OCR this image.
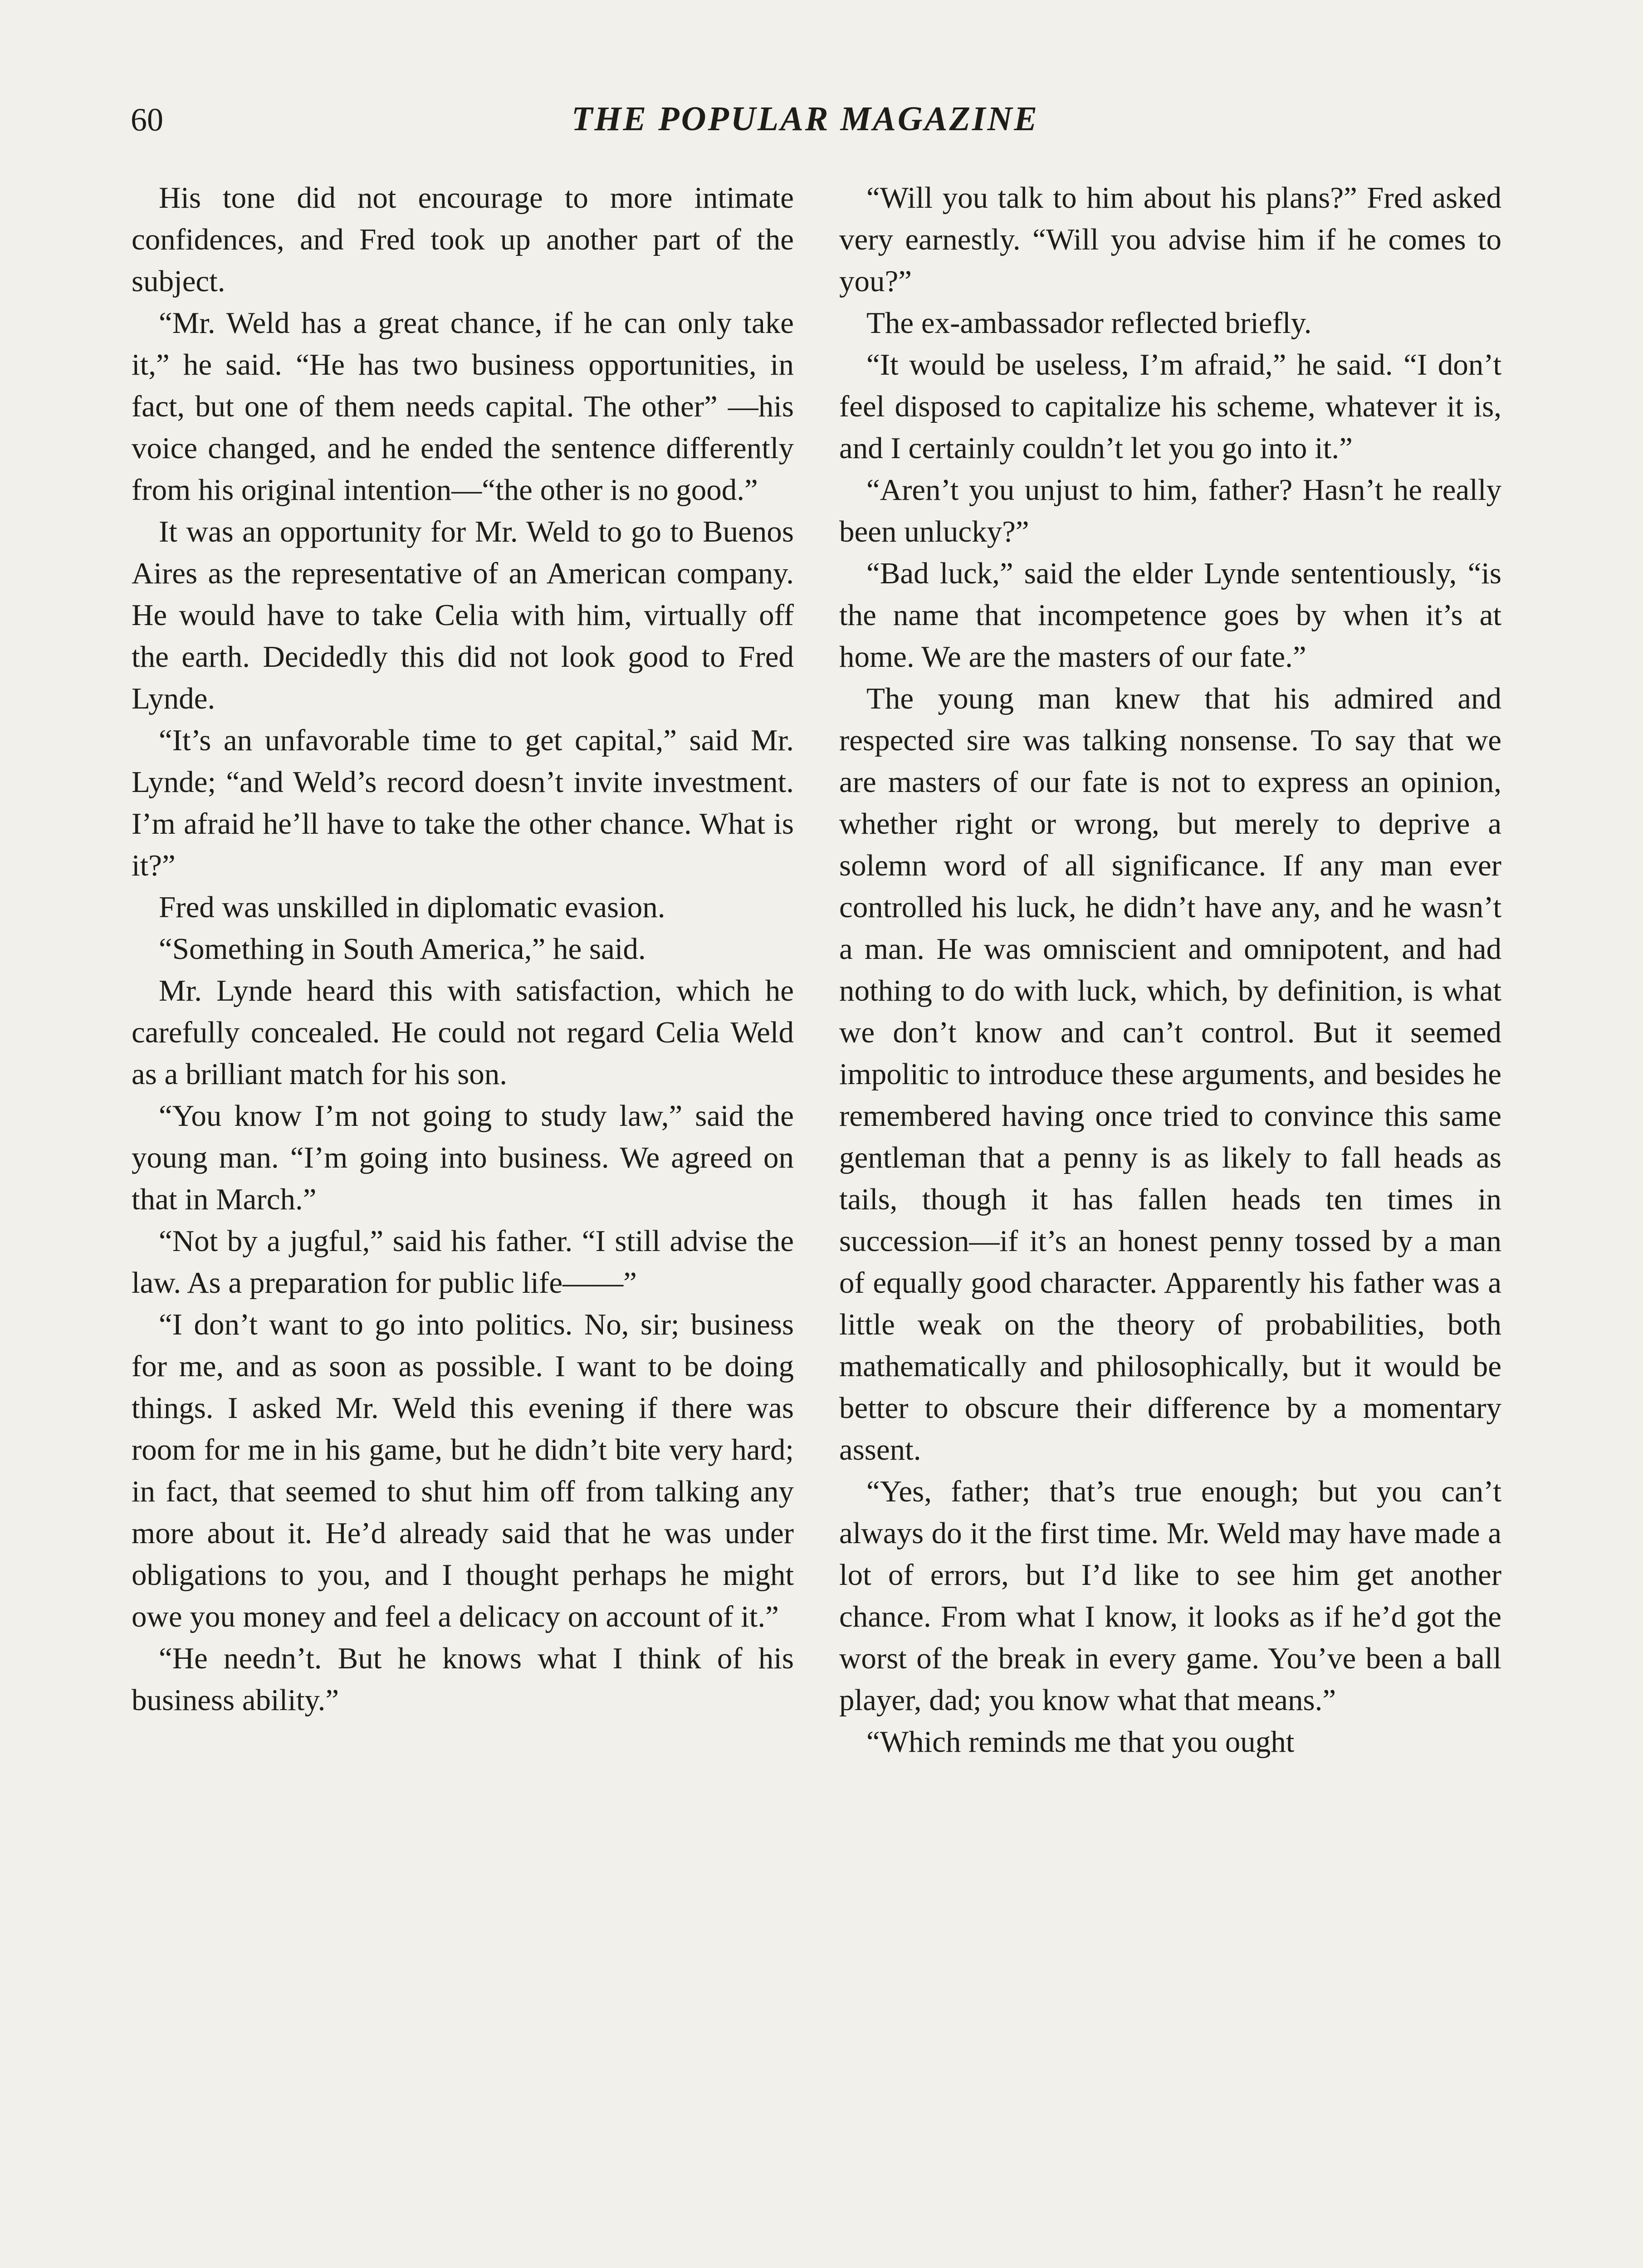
60	THE POPULAR MAGAZINE

His tone did not encourage to more intimate confidences, and Fred took up another part of the subject.

“Mr. Weld has a great chance, if he can only take it,” he said. “He has two business opportunities, in fact, but one of them needs capital. The other” —his voice changed, and he ended the sentence differently from his original intention—“the other is no good.”

It was an opportunity for Mr. Weld to go to Buenos Aires as the representative of an American company. He would have to take Celia with him, virtually off the earth. Decidedly this did not look good to Fred Lynde.

“It’s an unfavorable time to get capital,” said Mr. Lynde; “and Weld’s record doesn’t invite investment. I’m afraid he’ll have to take the other chance. What is it?”

Fred was unskilled in diplomatic evasion.

“Something in South America,” he said.

Mr. Lynde heard this with satisfaction, which he carefully concealed. He could not regard Celia Weld as a brilliant match for his son.

“You know I’m not going to study law,” said the young man. “I’m going into business. We agreed on that in March.”

“Not by a jugful,” said his father. “I still advise the law. As a preparation for public life——”

“I don’t want to go into politics. No, sir; business for me, and as soon as possible. I want to be doing things. I asked Mr. Weld this evening if there was room for me in his game, but he didn’t bite very hard; in fact, that seemed to shut him off from talking any more about it. He’d already said that he was under obligations to you, and I thought perhaps he might owe you money and feel a delicacy on account of it.”

“He needn’t. But he knows what I think of his business ability.”

“Will you talk to him about his plans?” Fred asked very earnestly. “Will you advise him if he comes to you?”

The ex-ambassador reflected briefly.

“It would be useless, I’m afraid,” he said. “I don’t feel disposed to capitalize his scheme, whatever it is, and I certainly couldn’t let you go into it.”

“Aren’t you unjust to him, father? Hasn’t he really been unlucky?”

“Bad luck,” said the elder Lynde sententiously, “is the name that incompetence goes by when it’s at home. We are the masters of our fate.”

The young man knew that his admired and respected sire was talking nonsense. To say that we are masters of our fate is not to express an opinion, whether right or wrong, but merely to deprive a solemn word of all significance. If any man ever controlled his luck, he didn’t have any, and he wasn’t a man. He was omniscient and omnipotent, and had nothing to do with luck, which, by definition, is what we don’t know and can’t control. But it seemed impolitic to introduce these arguments, and besides he remembered having once tried to convince this same gentleman that a penny is as likely to fall heads as tails, though it has fallen heads ten times in succession—if it’s an honest penny tossed by a man of equally good character. Apparently his father was a little weak on the theory of probabilities, both mathematically and philosophically, but it would be better to obscure their difference by a momentary assent.

“Yes, father; that’s true enough; but you can’t always do it the first time. Mr. Weld may have made a lot of errors, but I’d like to see him get another chance. From what I know, it looks as if he’d got the worst of the break in every game. You’ve been a ball player, dad; you know what that means.”

“Which reminds me that you ought
